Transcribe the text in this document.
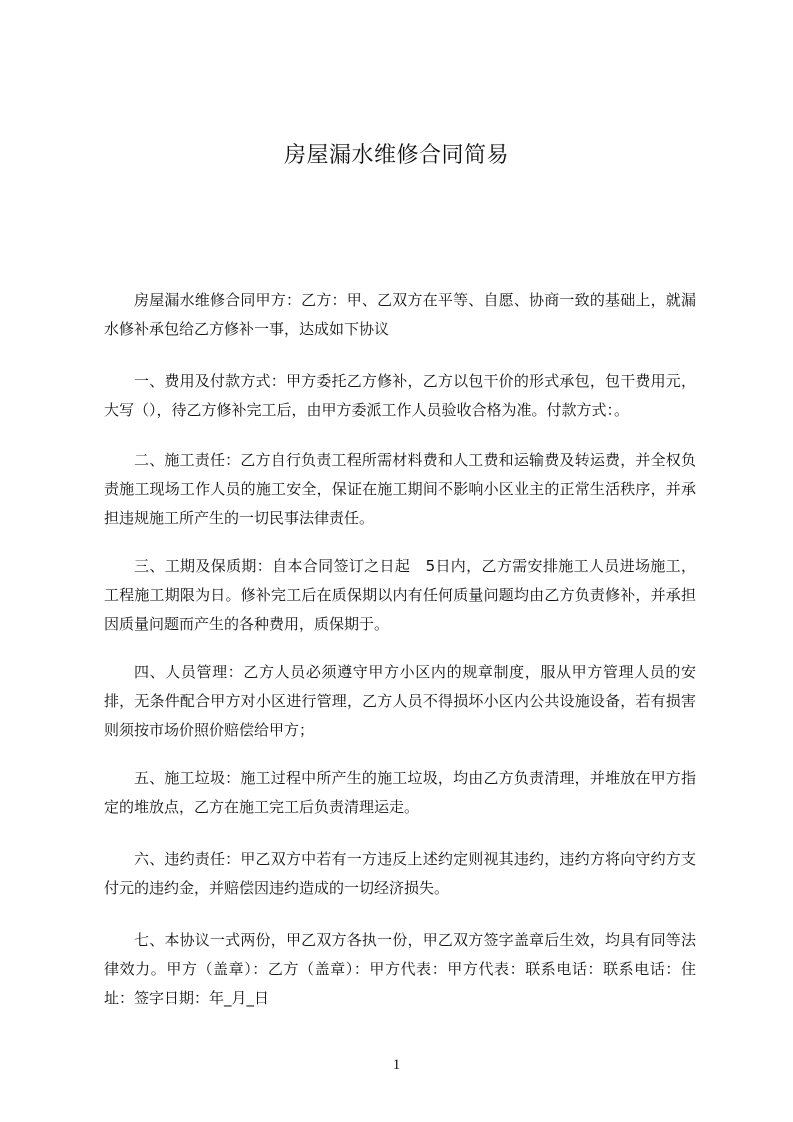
房屋漏水维修合同简易

房屋漏水维修合同甲方：乙方：甲、乙双方在平等、自愿、协商一致的基础上，就漏水修补承包给乙方修补一事，达成如下协议

一、费用及付款方式：甲方委托乙方修补，乙方以包干价的形式承包，包干费用元，大写（），待乙方修补完工后，由甲方委派工作人员验收合格为准。付款方式：。

二、施工责任：乙方自行负责工程所需材料费和人工费和运输费及转运费，并全权负责施工现场工作人员的施工安全，保证在施工期间不影响小区业主的正常生活秩序，并承担违规施工所产生的一切民事法律责任。

三、工期及保质期：自本合同签订之日起　5日内，乙方需安排施工人员进场施工，工程施工期限为日。修补完工后在质保期以内有任何质量问题均由乙方负责修补，并承担因质量问题而产生的各种费用，质保期于。

四、人员管理：乙方人员必须遵守甲方小区内的规章制度，服从甲方管理人员的安排，无条件配合甲方对小区进行管理，乙方人员不得损坏小区内公共设施设备，若有损害则须按市场价照价赔偿给甲方；

五、施工垃圾：施工过程中所产生的施工垃圾，均由乙方负责清理，并堆放在甲方指定的堆放点，乙方在施工完工后负责清理运走。

六、违约责任：甲乙双方中若有一方违反上述约定则视其违约，违约方将向守约方支付元的违约金，并赔偿因违约造成的一切经济损失。

七、本协议一式两份，甲乙双方各执一份，甲乙双方签字盖章后生效，均具有同等法律效力。甲方（盖章）：乙方（盖章）：甲方代表：甲方代表：联系电话：联系电话：住址：签字日期：年_月_日

1
